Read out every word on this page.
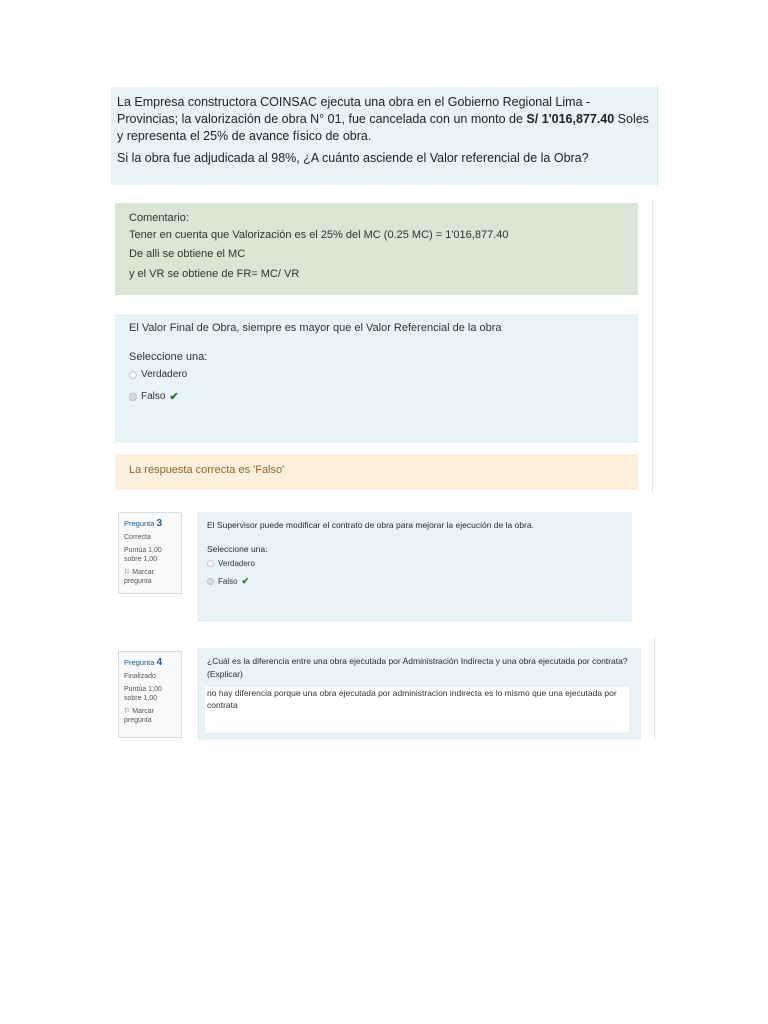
La Empresa constructora COINSAC ejecuta una obra en el Gobierno Regional Lima - Provincias; la valorización de obra N° 01, fue cancelada con un monto de S/ 1'016,877.40 Soles y representa el 25% de avance físico de obra.

Si la obra fue adjudicada al 98%, ¿A cuánto asciende el Valor referencial de la Obra?

Comentario:
Tener en cuenta que Valorización es el 25% del MC (0.25 MC) = 1'016,877.40
De alli se obtiene el MC
y el VR se obtiene de FR= MC/ VR
El Valor Final de Obra, siempre es mayor que el Valor Referencial de la obra
Seleccione una:
Verdadero
Falso ✔
La respuesta correcta es 'Falso'
Pregunta 3
Correcta
Puntúa 1,00 sobre 1,00
⚐ Marcar pregunta
El Supervisor puede modificar el contrato de obra para mejorar la ejecución de la obra.
Seleccione una:
Verdadero
Falso ✔
Pregunta 4
Finalizado
Puntúa 1,00 sobre 1,00
⚐ Marcar pregunta
¿Cuál es la diferencia entre una obra ejecutada por Administración Indirecta y una obra ejecutada por contrata? (Explicar)
no hay diferencia porque una obra ejecutada por administracion indirecta es lo mismo que una ejecutada por contrata
